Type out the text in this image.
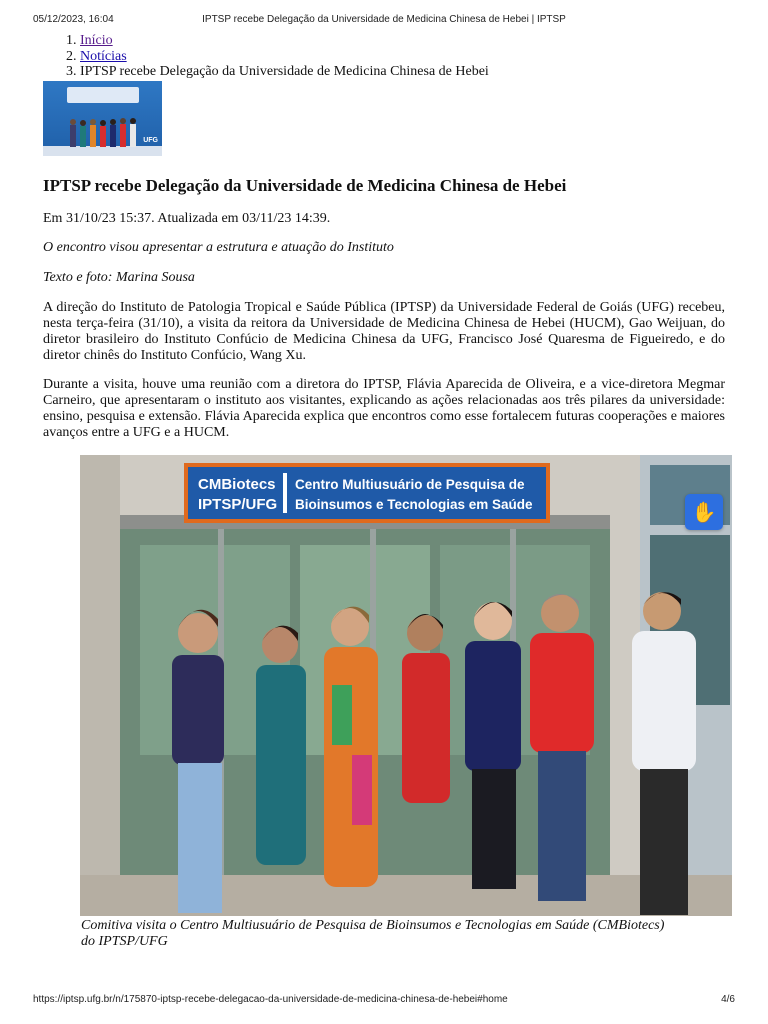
05/12/2023, 16:04	IPTSP recebe Delegação da Universidade de Medicina Chinesa de Hebei | IPTSP
1. Início
2. Notícias
3. IPTSP recebe Delegação da Universidade de Medicina Chinesa de Hebei
UFG
IPTSP recebe Delegação da Universidade de Medicina Chinesa de Hebei

Em 31/10/23 15:37. Atualizada em 03/11/23 14:39.

O encontro visou apresentar a estrutura e atuação do Instituto

Texto e foto: Marina Sousa

A direção do Instituto de Patologia Tropical e Saúde Pública (IPTSP) da Universidade Federal de Goiás (UFG) recebeu, nesta terça-feira (31/10), a visita da reitora da Universidade de Medicina Chinesa de Hebei (HUCM), Gao Weijuan, do diretor brasileiro do Instituto Confúcio de Medicina Chinesa da UFG, Francisco José Quaresma de Figueiredo, e do diretor chinês do Instituto Confúcio, Wang Xu.

Durante a visita, houve uma reunião com a diretora do IPTSP, Flávia Aparecida de Oliveira, e a vice-diretora Megmar Carneiro, que apresentaram o instituto aos visitantes, explicando as ações relacionadas aos três pilares da universidade: ensino, pesquisa e extensão. Flávia Aparecida explica que encontros como esse fortalecem futuras cooperações e maiores avanços entre a UFG e a HUCM.

CMBiotecs
IPTSP/UFG
Centro Multiusuário de Pesquisa de
Bioinsumos e Tecnologias em Saúde	✋

Comitiva visita o Centro Multiusuário de Pesquisa de Bioinsumos e Tecnologias em Saúde (CMBiotecs) do IPTSP/UFG

https://iptsp.ufg.br/n/175870-iptsp-recebe-delegacao-da-universidade-de-medicina-chinesa-de-hebei#home	4/6
